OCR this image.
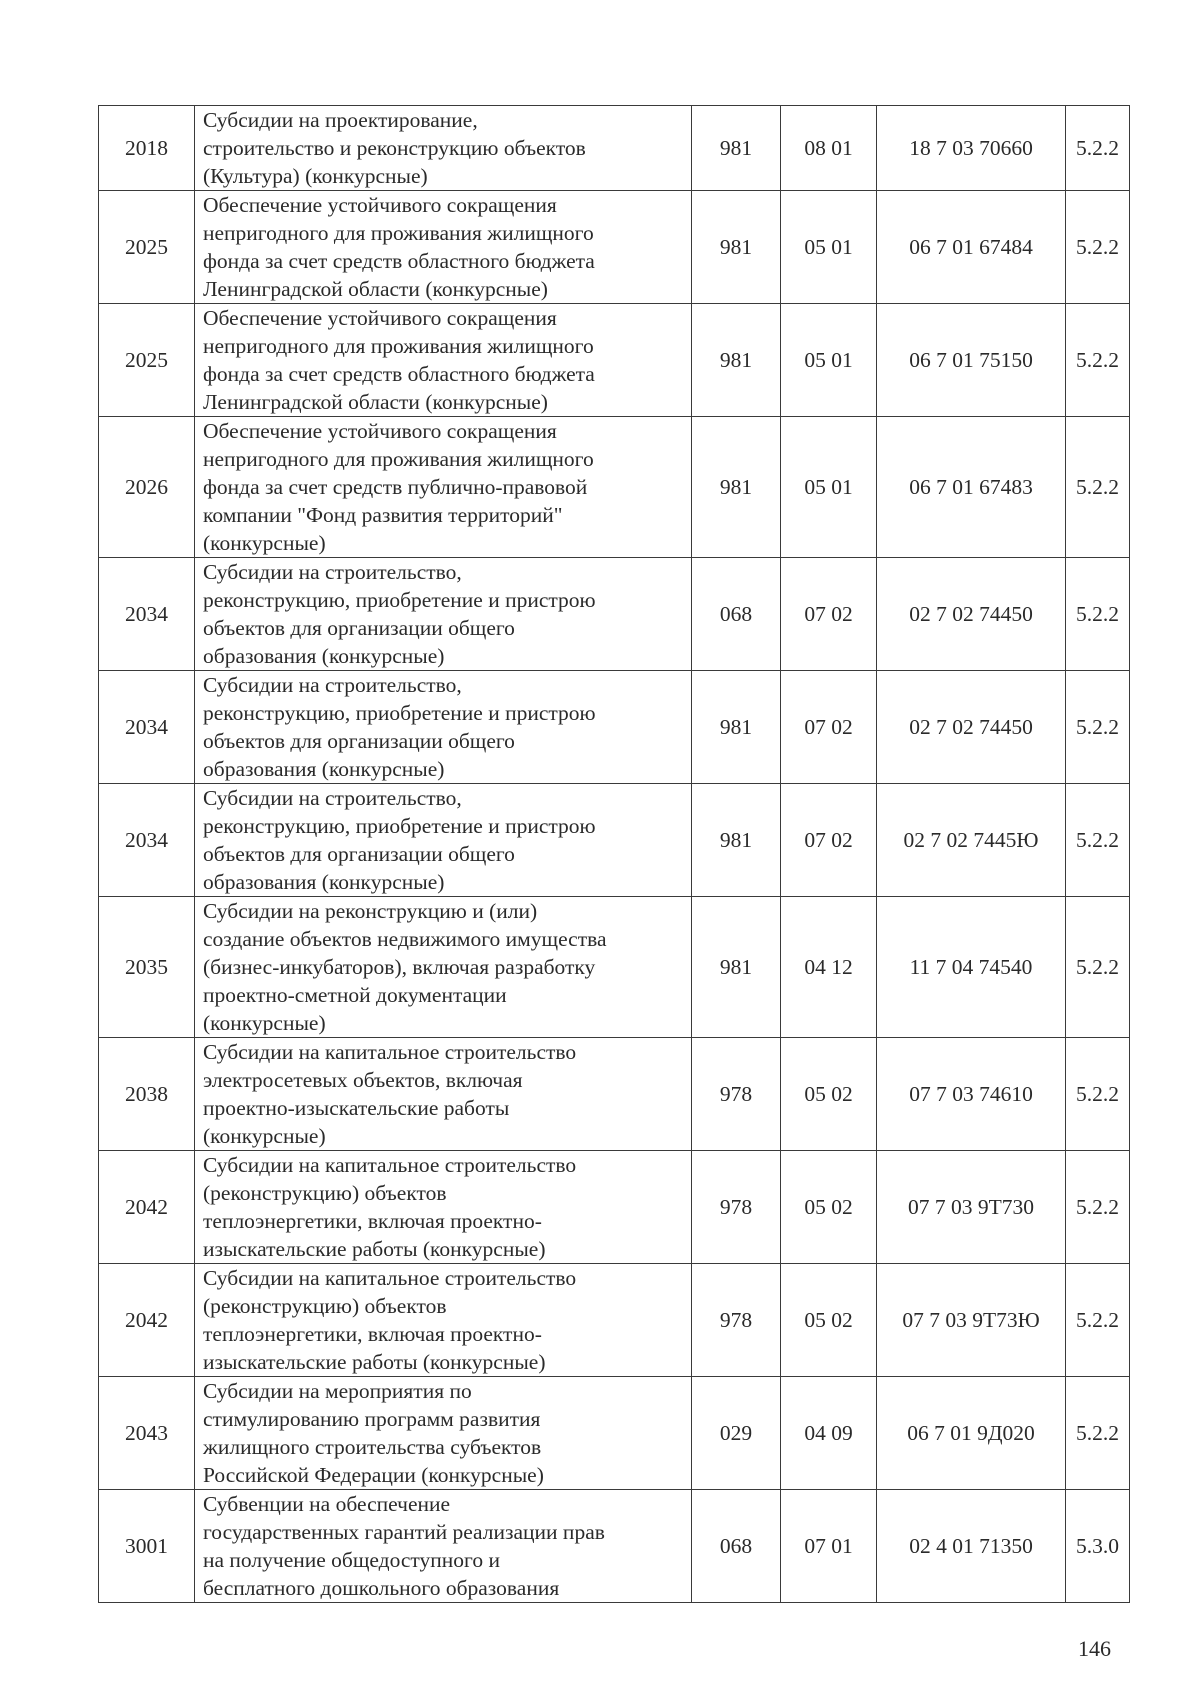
2018	Субсидии на проектирование,
строительство и реконструкцию объектов
(Культура) (конкурсные)	981	08 01	18 7 03 70660	5.2.2
2025	Обеспечение устойчивого сокращения
непригодного для проживания жилищного
фонда за счет средств областного бюджета
Ленинградской области (конкурсные)	981	05 01	06 7 01 67484	5.2.2
2025	Обеспечение устойчивого сокращения
непригодного для проживания жилищного
фонда за счет средств областного бюджета
Ленинградской области (конкурсные)	981	05 01	06 7 01 75150	5.2.2
2026	Обеспечение устойчивого сокращения
непригодного для проживания жилищного
фонда за счет средств публично-правовой
компании "Фонд развития территорий"
(конкурсные)	981	05 01	06 7 01 67483	5.2.2
2034	Субсидии на строительство,
реконструкцию, приобретение и пристрою
объектов для организации общего
образования (конкурсные)	068	07 02	02 7 02 74450	5.2.2
2034	Субсидии на строительство,
реконструкцию, приобретение и пристрою
объектов для организации общего
образования (конкурсные)	981	07 02	02 7 02 74450	5.2.2
2034	Субсидии на строительство,
реконструкцию, приобретение и пристрою
объектов для организации общего
образования (конкурсные)	981	07 02	02 7 02 7445Ю	5.2.2
2035	Субсидии на реконструкцию и (или)
создание объектов недвижимого имущества
(бизнес-инкубаторов), включая разработку
проектно-сметной документации
(конкурсные)	981	04 12	11 7 04 74540	5.2.2
2038	Субсидии на капитальное строительство
электросетевых объектов, включая
проектно-изыскательские работы
(конкурсные)	978	05 02	07 7 03 74610	5.2.2
2042	Субсидии на капитальное строительство
(реконструкцию) объектов
теплоэнергетики, включая проектно-
изыскательские работы (конкурсные)	978	05 02	07 7 03 9Т730	5.2.2
2042	Субсидии на капитальное строительство
(реконструкцию) объектов
теплоэнергетики, включая проектно-
изыскательские работы (конкурсные)	978	05 02	07 7 03 9Т73Ю	5.2.2
2043	Субсидии на мероприятия по
стимулированию программ развития
жилищного строительства субъектов
Российской Федерации (конкурсные)	029	04 09	06 7 01 9Д020	5.2.2
3001	Субвенции на обеспечение
государственных гарантий реализации прав
на получение общедоступного и
бесплатного дошкольного образования	068	07 01	02 4 01 71350	5.3.0
146
